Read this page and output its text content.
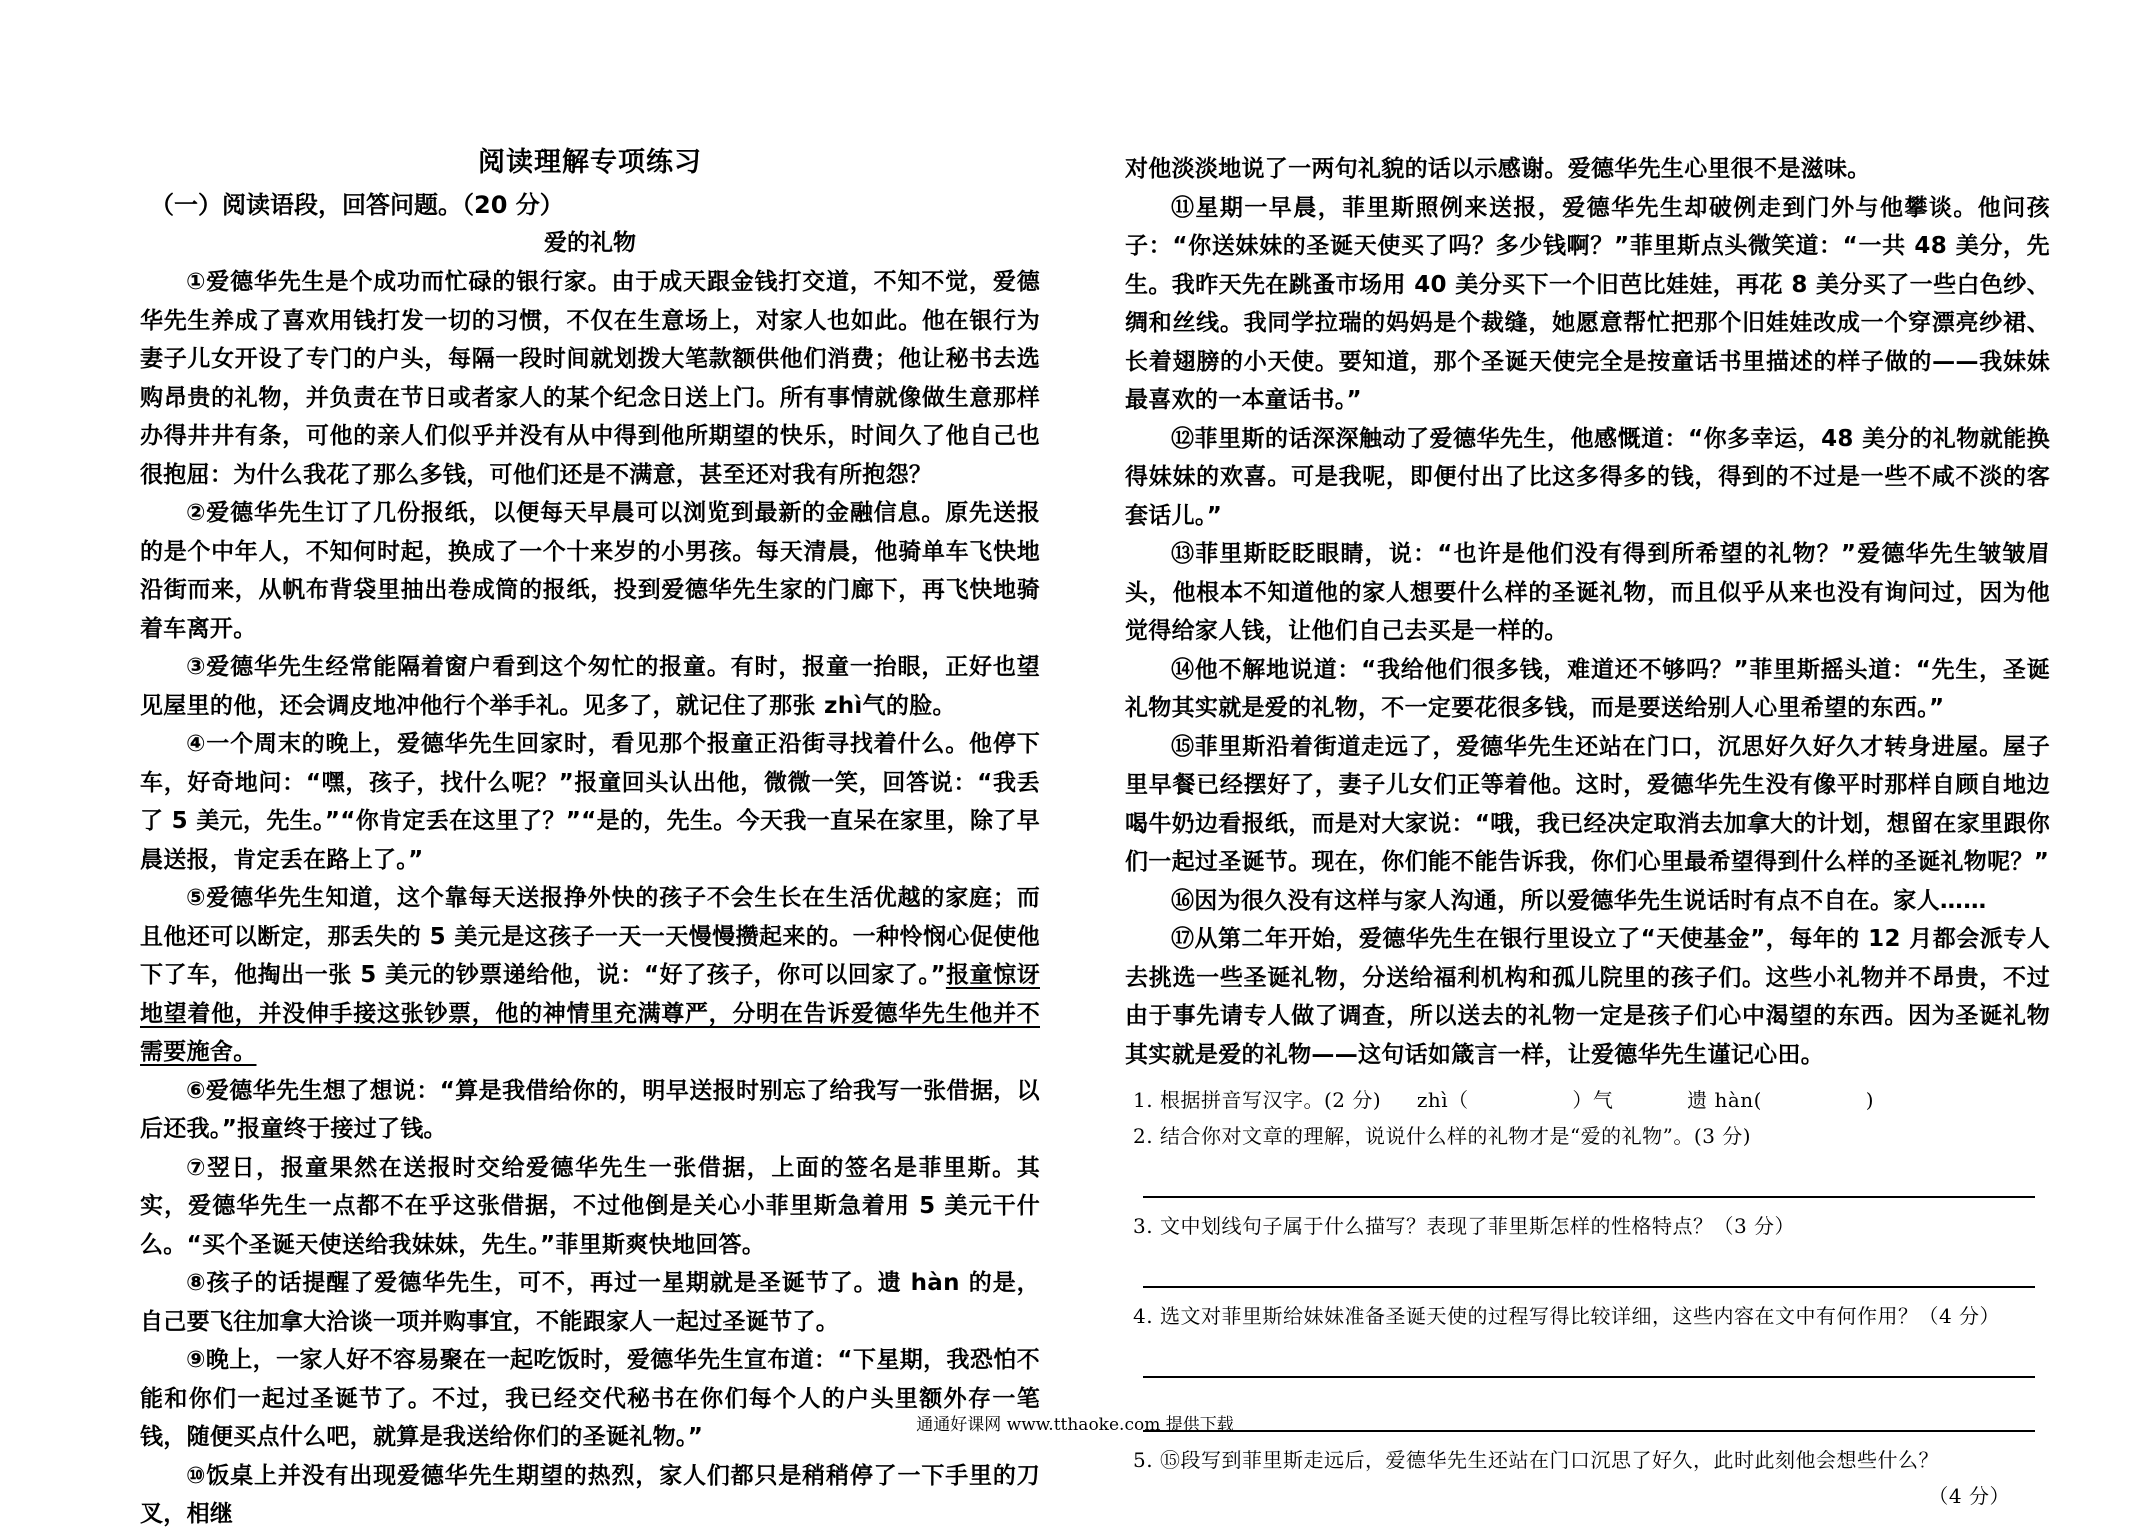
阅读理解专项练习

（一）阅读语段，回答问题。（20 分）

爱的礼物

①爱德华先生是个成功而忙碌的银行家。由于成天跟金钱打交道，不知不觉，爱德华先生养成了喜欢用钱打发一切的习惯，不仅在生意场上，对家人也如此。他在银行为妻子儿女开设了专门的户头，每隔一段时间就划拨大笔款额供他们消费；他让秘书去选购昂贵的礼物，并负责在节日或者家人的某个纪念日送上门。所有事情就像做生意那样办得井井有条，可他的亲人们似乎并没有从中得到他所期望的快乐，时间久了他自己也很抱屈：为什么我花了那么多钱，可他们还是不满意，甚至还对我有所抱怨？

②爱德华先生订了几份报纸，以便每天早晨可以浏览到最新的金融信息。原先送报的是个中年人，不知何时起，换成了一个十来岁的小男孩。每天清晨，他骑单车飞快地沿街而来，从帆布背袋里抽出卷成筒的报纸，投到爱德华先生家的门廊下，再飞快地骑着车离开。

③爱德华先生经常能隔着窗户看到这个匆忙的报童。有时，报童一抬眼，正好也望见屋里的他，还会调皮地冲他行个举手礼。见多了，就记住了那张 zhì气的脸。

④一个周末的晚上，爱德华先生回家时，看见那个报童正沿街寻找着什么。他停下车，好奇地问：“嘿，孩子，找什么呢？”报童回头认出他，微微一笑，回答说：“我丢了 5 美元，先生。”“你肯定丢在这里了？”“是的，先生。今天我一直呆在家里，除了早晨送报，肯定丢在路上了。”

⑤爱德华先生知道，这个靠每天送报挣外快的孩子不会生长在生活优越的家庭；而且他还可以断定，那丢失的 5 美元是这孩子一天一天慢慢攒起来的。一种怜悯心促使他下了车，他掏出一张 5 美元的钞票递给他，说：“好了孩子，你可以回家了。”报童惊讶地望着他，并没伸手接这张钞票，他的神情里充满尊严，分明在告诉爱德华先生他并不需要施舍。

⑥爱德华先生想了想说：“算是我借给你的，明早送报时别忘了给我写一张借据，以后还我。”报童终于接过了钱。

⑦翌日，报童果然在送报时交给爱德华先生一张借据，上面的签名是菲里斯。其实，爱德华先生一点都不在乎这张借据，不过他倒是关心小菲里斯急着用 5 美元干什么。“买个圣诞天使送给我妹妹，先生。”菲里斯爽快地回答。

⑧孩子的话提醒了爱德华先生，可不，再过一星期就是圣诞节了。遗 hàn 的是，自己要飞往加拿大洽谈一项并购事宜，不能跟家人一起过圣诞节了。

⑨晚上，一家人好不容易聚在一起吃饭时，爱德华先生宣布道：“下星期，我恐怕不能和你们一起过圣诞节了。不过，我已经交代秘书在你们每个人的户头里额外存一笔钱，随便买点什么吧，就算是我送给你们的圣诞礼物。”

⑩饭桌上并没有出现爱德华先生期望的热烈，家人们都只是稍稍停了一下手里的刀叉，相继

对他淡淡地说了一两句礼貌的话以示感谢。爱德华先生心里很不是滋味。

⑪星期一早晨，菲里斯照例来送报，爱德华先生却破例走到门外与他攀谈。他问孩子：“你送妹妹的圣诞天使买了吗？多少钱啊？”菲里斯点头微笑道：“一共 48 美分，先生。我昨天先在跳蚤市场用 40 美分买下一个旧芭比娃娃，再花 8 美分买了一些白色纱、绸和丝线。我同学拉瑞的妈妈是个裁缝，她愿意帮忙把那个旧娃娃改成一个穿漂亮纱裙、长着翅膀的小天使。要知道，那个圣诞天使完全是按童话书里描述的样子做的——我妹妹最喜欢的一本童话书。”

⑫菲里斯的话深深触动了爱德华先生，他感慨道：“你多幸运，48 美分的礼物就能换得妹妹的欢喜。可是我呢，即便付出了比这多得多的钱，得到的不过是一些不咸不淡的客套话儿。”

⑬菲里斯眨眨眼睛，说：“也许是他们没有得到所希望的礼物？”爱德华先生皱皱眉头，他根本不知道他的家人想要什么样的圣诞礼物，而且似乎从来也没有询问过，因为他觉得给家人钱，让他们自己去买是一样的。

⑭他不解地说道：“我给他们很多钱，难道还不够吗？”菲里斯摇头道：“先生，圣诞礼物其实就是爱的礼物，不一定要花很多钱，而是要送给别人心里希望的东西。”

⑮菲里斯沿着街道走远了，爱德华先生还站在门口，沉思好久好久才转身进屋。屋子里早餐已经摆好了，妻子儿女们正等着他。这时，爱德华先生没有像平时那样自顾自地边喝牛奶边看报纸，而是对大家说：“哦，我已经决定取消去加拿大的计划，想留在家里跟你们一起过圣诞节。现在，你们能不能告诉我，你们心里最希望得到什么样的圣诞礼物呢？”

⑯因为很久没有这样与家人沟通，所以爱德华先生说话时有点不自在。家人……

⑰从第二年开始，爱德华先生在银行里设立了“天使基金”，每年的 12 月都会派专人去挑选一些圣诞礼物，分送给福利机构和孤儿院里的孩子们。这些小礼物并不昂贵，不过由于事先请专人做了调查，所以送去的礼物一定是孩子们心中渴望的东西。因为圣诞礼物其实就是爱的礼物——这句话如箴言一样，让爱德华先生谨记心田。

1. 根据拼音写汉字。(2 分) zhì（	）气	遗 hàn(	)

2. 结合你对文章的理解，说说什么样的礼物才是“爱的礼物”。(3 分)

3. 文中划线句子属于什么描写？表现了菲里斯怎样的性格特点？（3 分）

4. 选文对菲里斯给妹妹准备圣诞天使的过程写得比较详细，这些内容在文中有何作用？（4 分）

5. ⑮段写到菲里斯走远后，爱德华先生还站在门口沉思了好久，此时此刻他会想些什么？

（4 分）

通通好课网 www.tthaoke.com 提供下载
